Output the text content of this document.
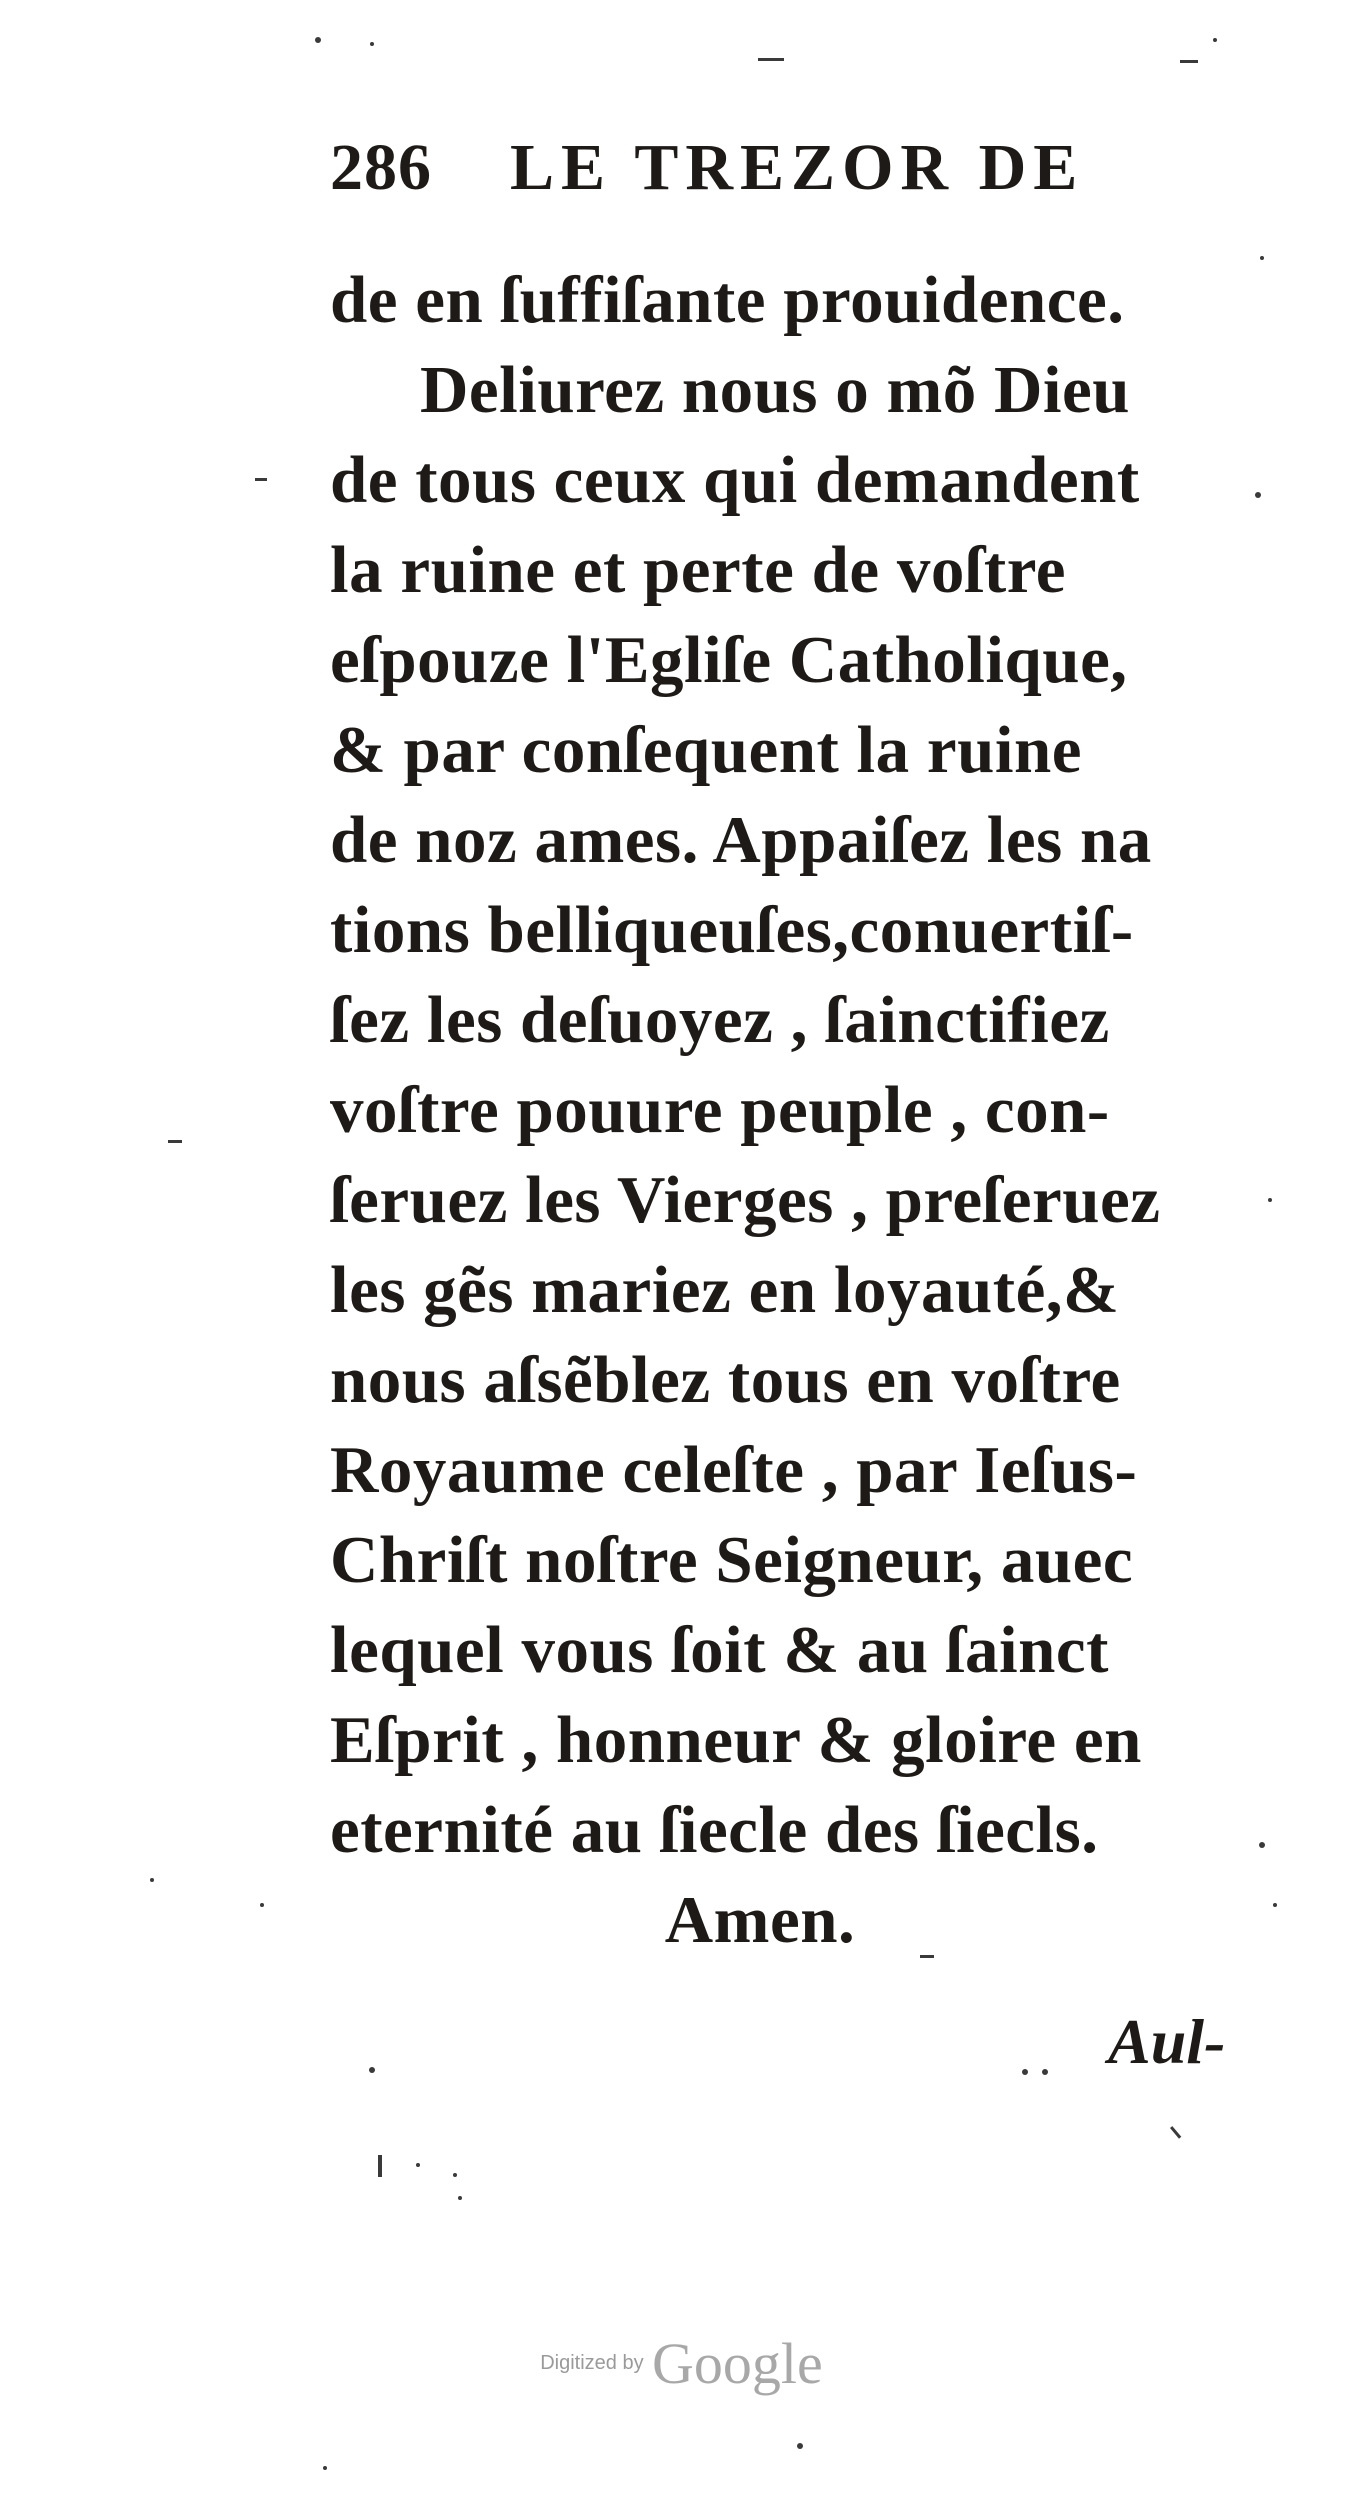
286 LE TREZOR DE
de en ſuffiſante prouidence.
Deliurez nous o mõ Dieu
de tous ceux qui demandent
la ruine et perte de voſtre
eſpouze l'Egliſe Catholique,
& par conſequent la ruine
de noz ames. Appaiſez les na
tions belliqueuſes,conuertiſ-
ſez les deſuoyez , ſainctifiez
voſtre pouure peuple , con-
ſeruez les Vierges , preſeruez
les gẽs mariez en loyauté,&
nous aſsẽblez tous en voſtre
Royaume celeſte , par Ieſus-
Chriſt noſtre Seigneur, auec
lequel vous ſoit & au ſainct
Eſprit , honneur & gloire en
eternité au ſiecle des ſiecls.
Amen.
Aul-
Digitized by Google
